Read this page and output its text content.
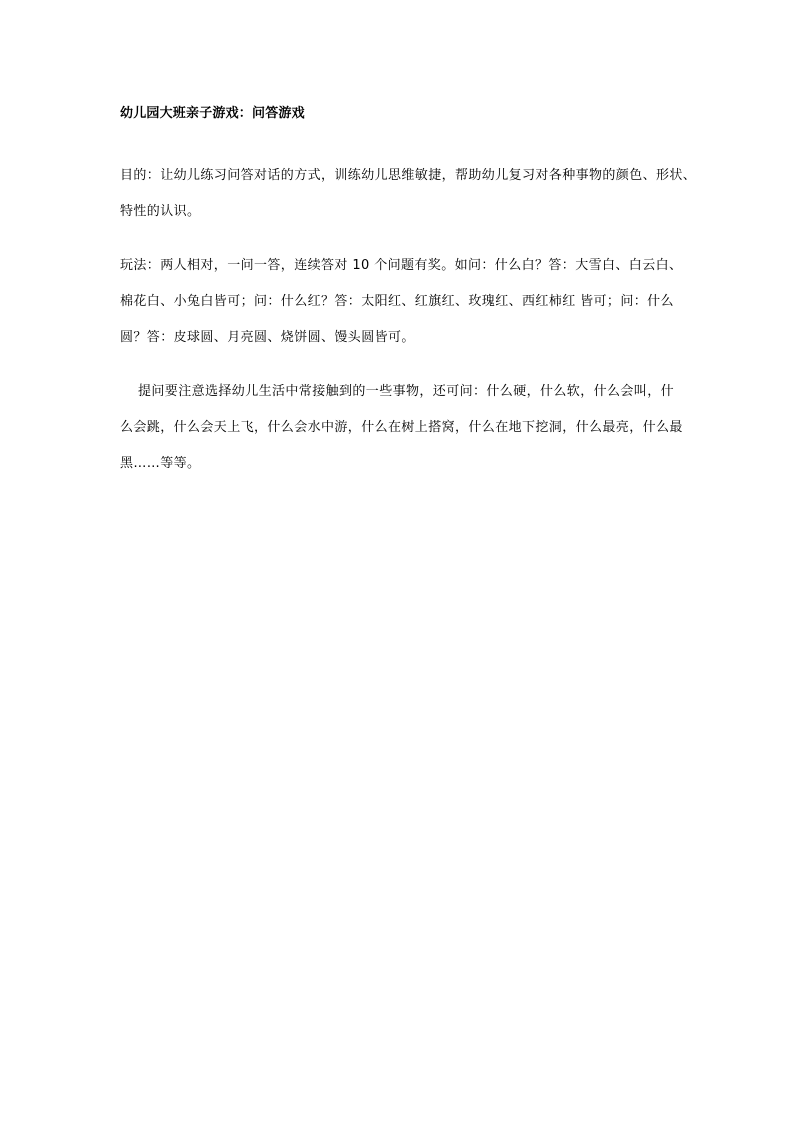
幼儿园大班亲子游戏：问答游戏
目的：让幼儿练习问答对话的方式，训练幼儿思维敏捷，帮助幼儿复习对各种事物的颜色、形状、
特性的认识。
玩法：两人相对，一问一答，连续答对 10 个问题有奖。如问：什么白？答：大雪白、白云白、
棉花白、小兔白皆可；问：什么红？答：太阳红、红旗红、玫瑰红、西红柿红 皆可；问：什么
圆？答：皮球圆、月亮圆、烧饼圆、馒头圆皆可。
提问要注意选择幼儿生活中常接触到的一些事物，还可问：什么硬，什么软，什么会叫，什
么会跳，什么会天上飞，什么会水中游，什么在树上搭窝，什么在地下挖洞，什么最亮，什么最
黑……等等。
